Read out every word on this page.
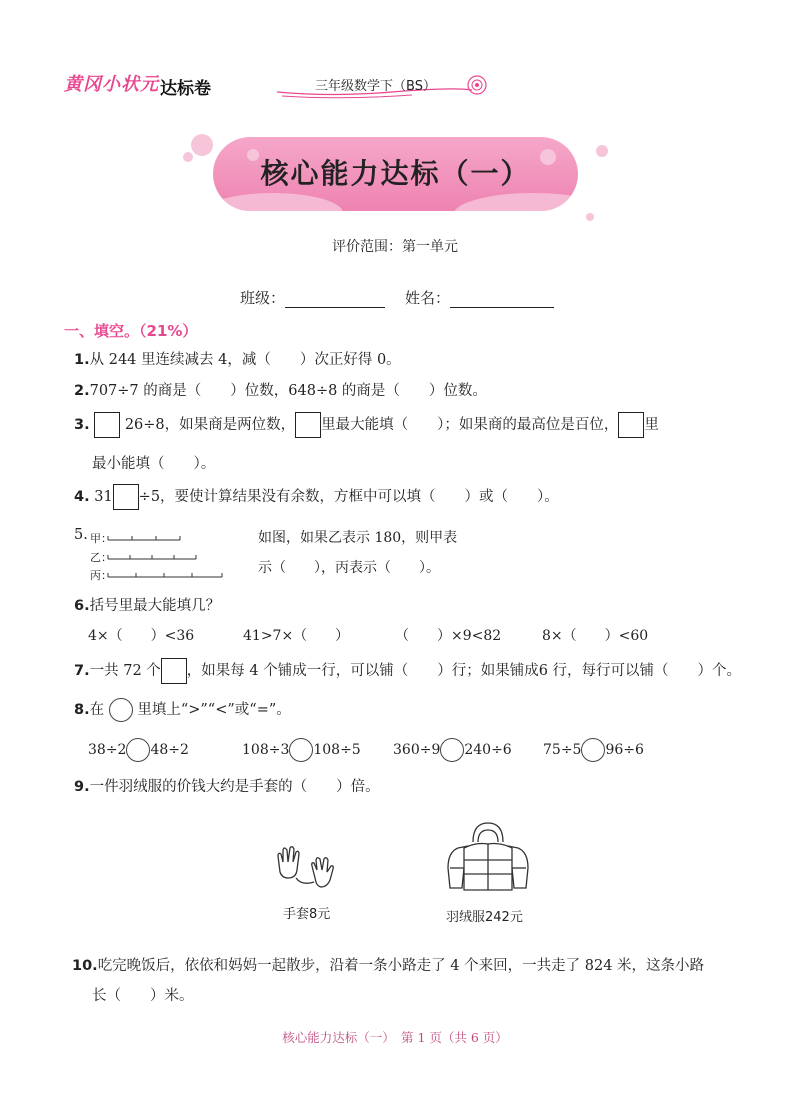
黄冈小状元 达标卷	三年级数学下（BS）
核心能力达标（一）
评价范围：第一单元
班级：	姓名：
一、填空。（21%）
1.从 244 里连续减去 4，减（　　）次正好得 0。
2.707÷7 的商是（　　）位数，648÷8 的商是（　　）位数。
3. 26÷8，如果商是两位数， 里最大能填（　　）；如果商的最高位是百位， 里
最小能填（　　）。
4. 31 ÷5，要使计算结果没有余数，方框中可以填（　　）或（　　）。
5. 甲：
乙：
丙：
如图，如果乙表示 180，则甲表
示（　　），丙表示（　　）。
6.括号里最大能填几？
4×（　　）<36	41>7×（　　）	（　　）×9<82	8×（　　）<60
7.一共 72 个 ，如果每 4 个铺成一行，可以铺（　　）行；如果铺成6 行，每行可以铺（　　）个。
8.在 里填上“>”“<”或“=”。
38÷2 48÷2	108÷3 108÷5 360÷9 240÷6 75÷5 96÷6
9.一件羽绒服的价钱大约是手套的（　　）倍。
手套8元	羽绒服242元
10.吃完晚饭后，依依和妈妈一起散步，沿着一条小路走了 4 个来回，一共走了 824 米，这条小路
长（　　）米。
核心能力达标（一）　第 1 页（共 6 页）
